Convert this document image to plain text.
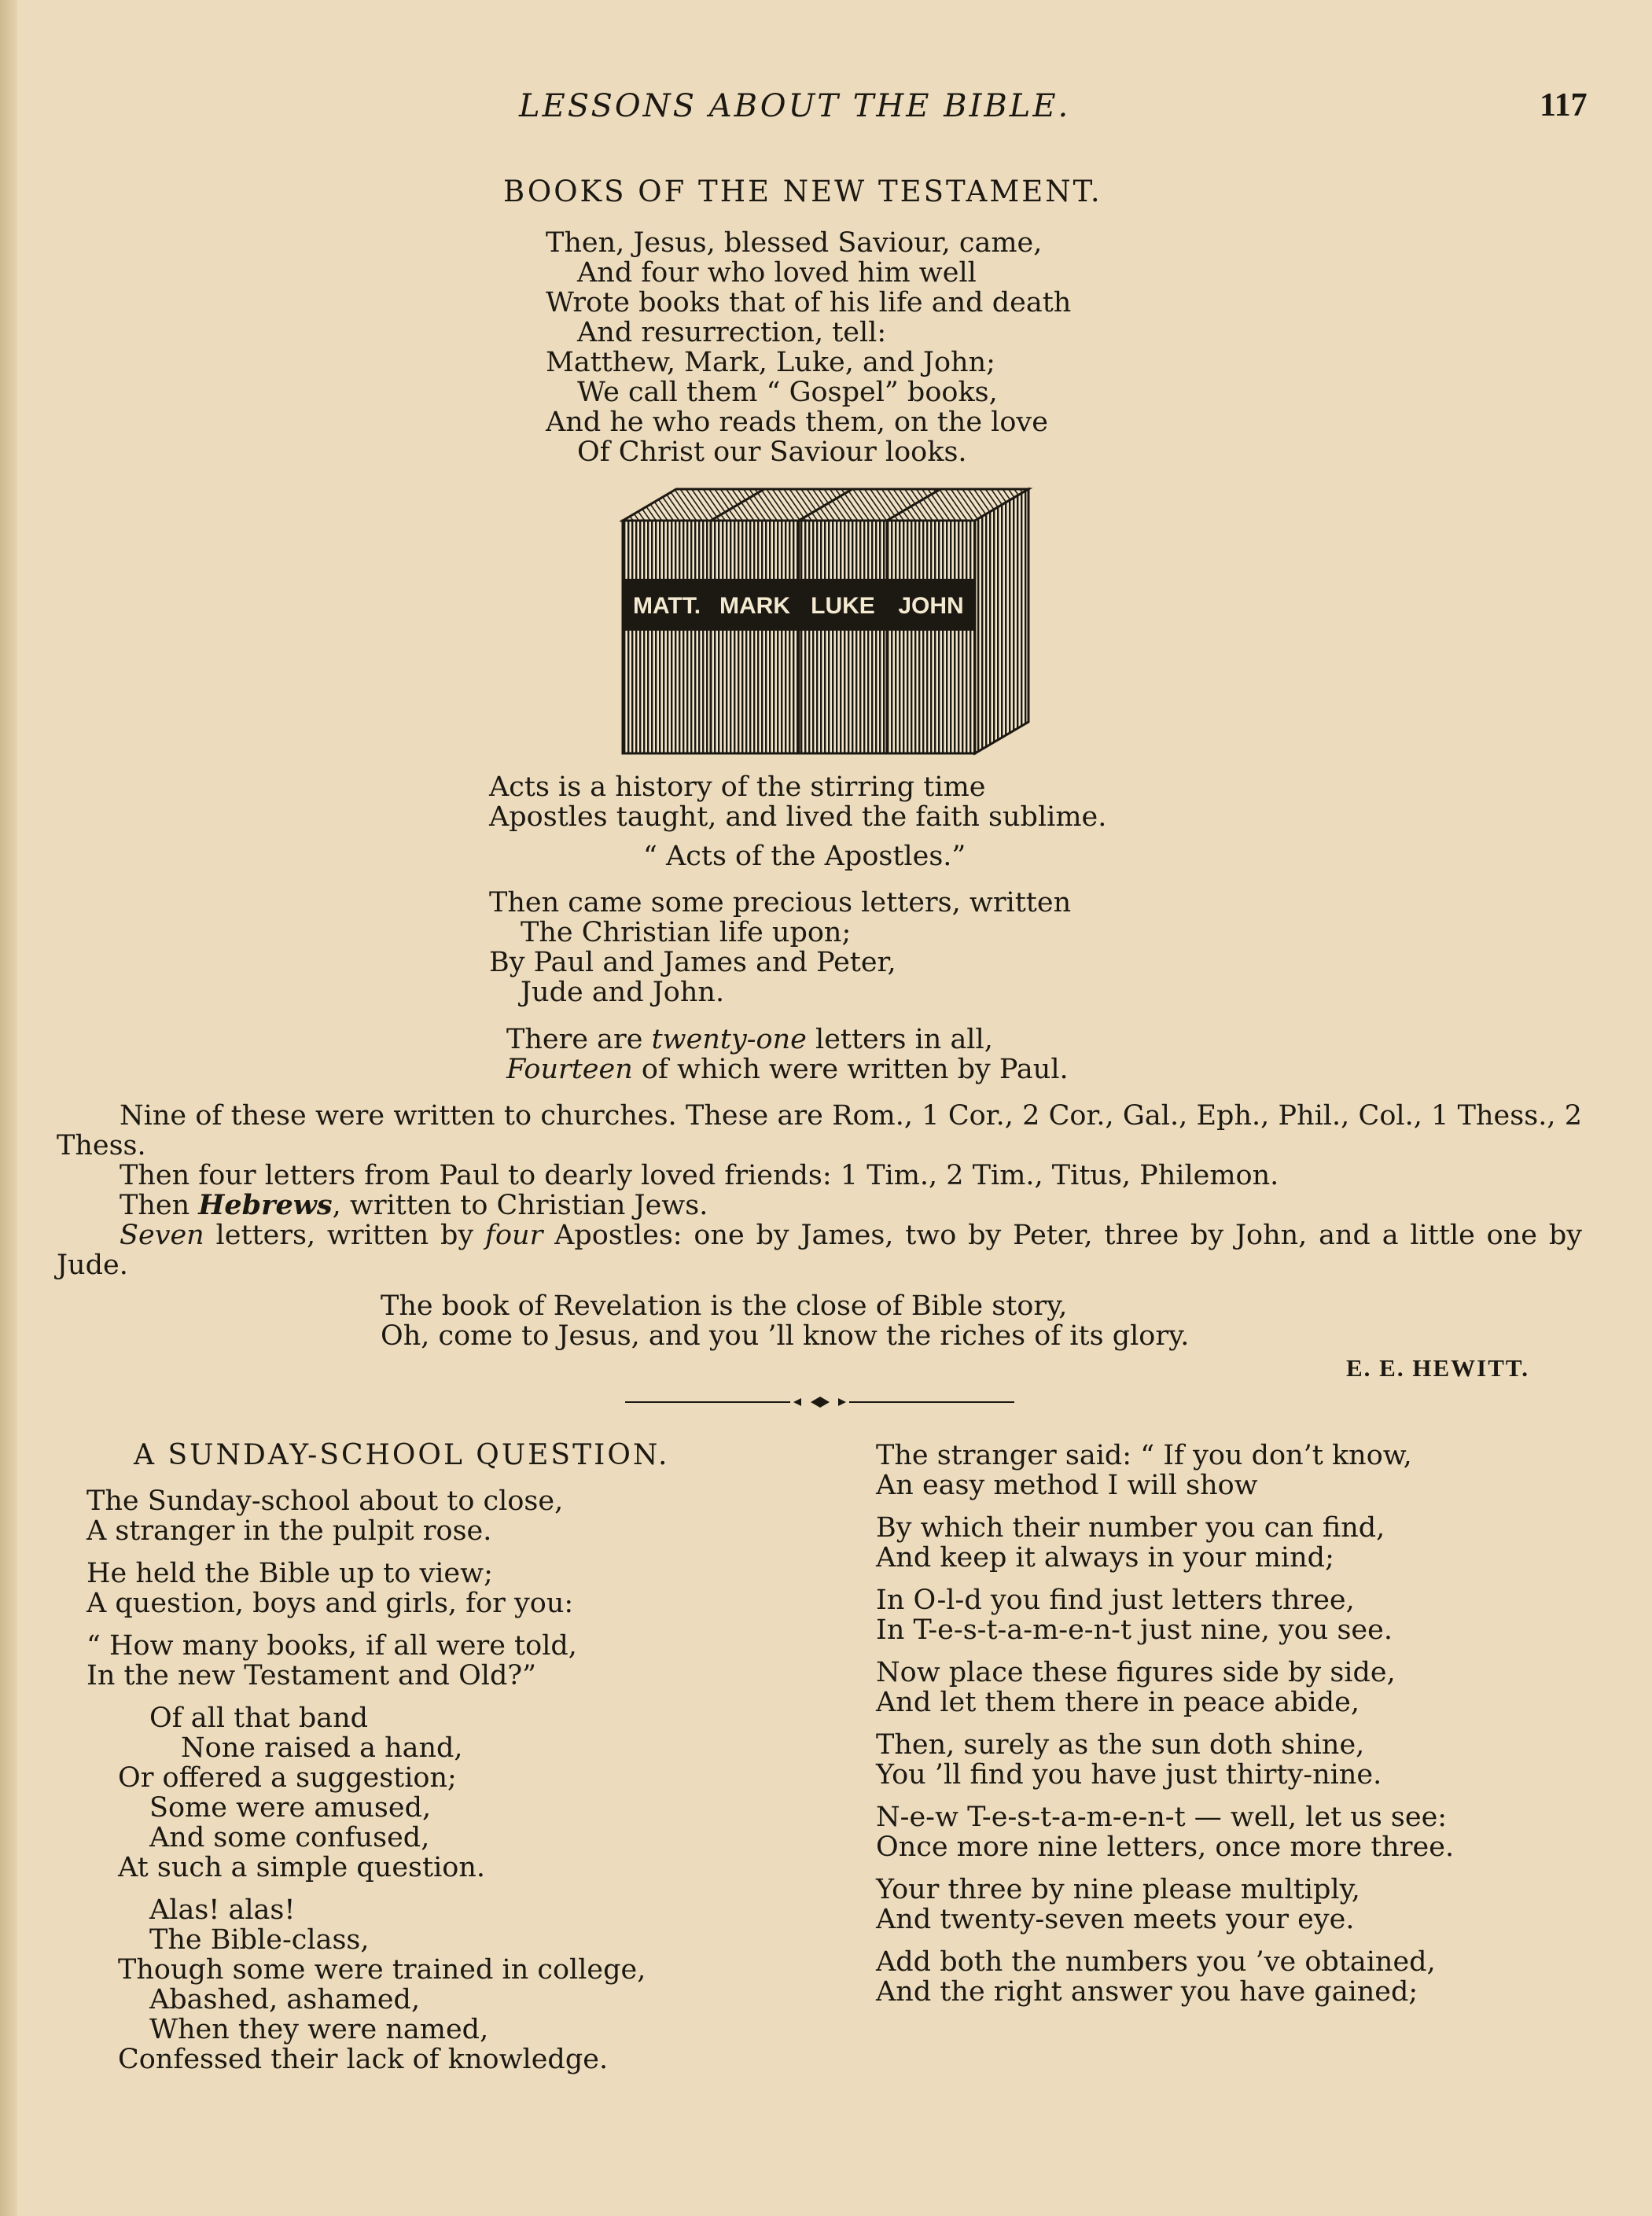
LESSONS ABOUT THE BIBLE.	117
BOOKS OF THE NEW TESTAMENT.
Then, Jesus, blessed Saviour, came,
And four who loved him well
Wrote books that of his life and death
And resurrection, tell:
Matthew, Mark, Luke, and John;
We call them “ Gospel” books,
And he who reads them, on the love
Of Christ our Saviour looks.
MATT. MARK LUKE JOHN
Acts is a history of the stirring time
Apostles taught, and lived the faith sublime.
“ Acts of the Apostles.”
Then came some precious letters, written
The Christian life upon;
By Paul and James and Peter,
Jude and John.
There are twenty-one letters in all,
Fourteen of which were written by Paul.

Nine of these were written to churches. These are Rom., 1 Cor., 2 Cor., Gal., Eph., Phil., Col., 1 Thess., 2 Thess.

Then four letters from Paul to dearly loved friends: 1 Tim., 2 Tim., Titus, Philemon.

Then Hebrews, written to Christian Jews.

Seven letters, written by four Apostles: one by James, two by Peter, three by John, and a little one by Jude.

The book of Revelation is the close of Bible story,
Oh, come to Jesus, and you ’ll know the riches of its glory.
E. E. HEWITT.
A SUNDAY-SCHOOL QUESTION.
The Sunday-school about to close,
A stranger in the pulpit rose.
He held the Bible up to view;
A question, boys and girls, for you:
“ How many books, if all were told,
In the new Testament and Old?”
Of all that band
None raised a hand,
Or offered a suggestion;
Some were amused,
And some confused,
At such a simple question.
Alas! alas!
The Bible-class,
Though some were trained in college,
Abashed, ashamed,
When they were named,
Confessed their lack of knowledge.
The stranger said: “ If you don’t know,
An easy method I will show
By which their number you can find,
And keep it always in your mind;
In O-l-d you find just letters three,
In T-e-s-t-a-m-e-n-t just nine, you see.
Now place these figures side by side,
And let them there in peace abide,
Then, surely as the sun doth shine,
You ’ll find you have just thirty-nine.
N-e-w T-e-s-t-a-m-e-n-t — well, let us see:
Once more nine letters, once more three.
Your three by nine please multiply,
And twenty-seven meets your eye.
Add both the numbers you ’ve obtained,
And the right answer you have gained;
